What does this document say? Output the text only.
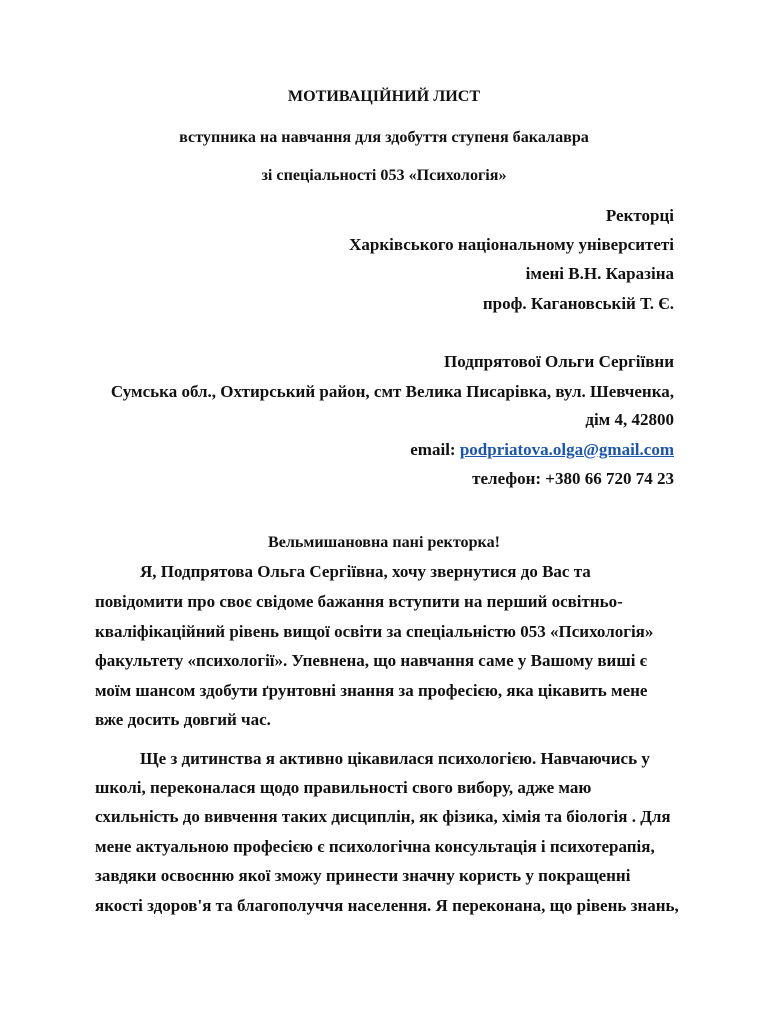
МОТИВАЦІЙНИЙ ЛИСТ
вступника на навчання для здобуття ступеня бакалавра
зі спеціальності 053 «Психологія»
Ректорці
Харківського національному університеті
імені В.Н. Каразіна
проф. Кагановській Т. Є.
Подпрятової Ольги Сергіївни
Сумська обл., Охтирський район, смт Велика Писарівка, вул. Шевченка,
дім 4, 42800
email: podpriatova.olga@gmail.com
телефон: +380 66 720 74 23
Вельмишановна пані ректорка!
Я, Подпрятова Ольга Сергіївна, хочу звернутися до Вас та
повідомити про своє свідоме бажання вступити на перший освітньо-
кваліфікаційний рівень вищої освіти за спеціальністю 053 «Психологія»
факультету «психології». Упевнена, що навчання саме у Вашому виші є
моїм шансом здобути ґрунтовні знання за професією, яка цікавить мене
вже досить довгий час.
Ще з дитинства я активно цікавилася психологією. Навчаючись у
школі, переконалася щодо правильності свого вибору, адже маю
схильність до вивчення таких дисциплін, як фізика, хімія та біологія . Для
мене актуальною професією є психологічна консультація і психотерапія,
завдяки освоєнню якої зможу принести значну користь у покращенні
якості здоров'я та благополуччя населення. Я переконана, що рівень знань,
